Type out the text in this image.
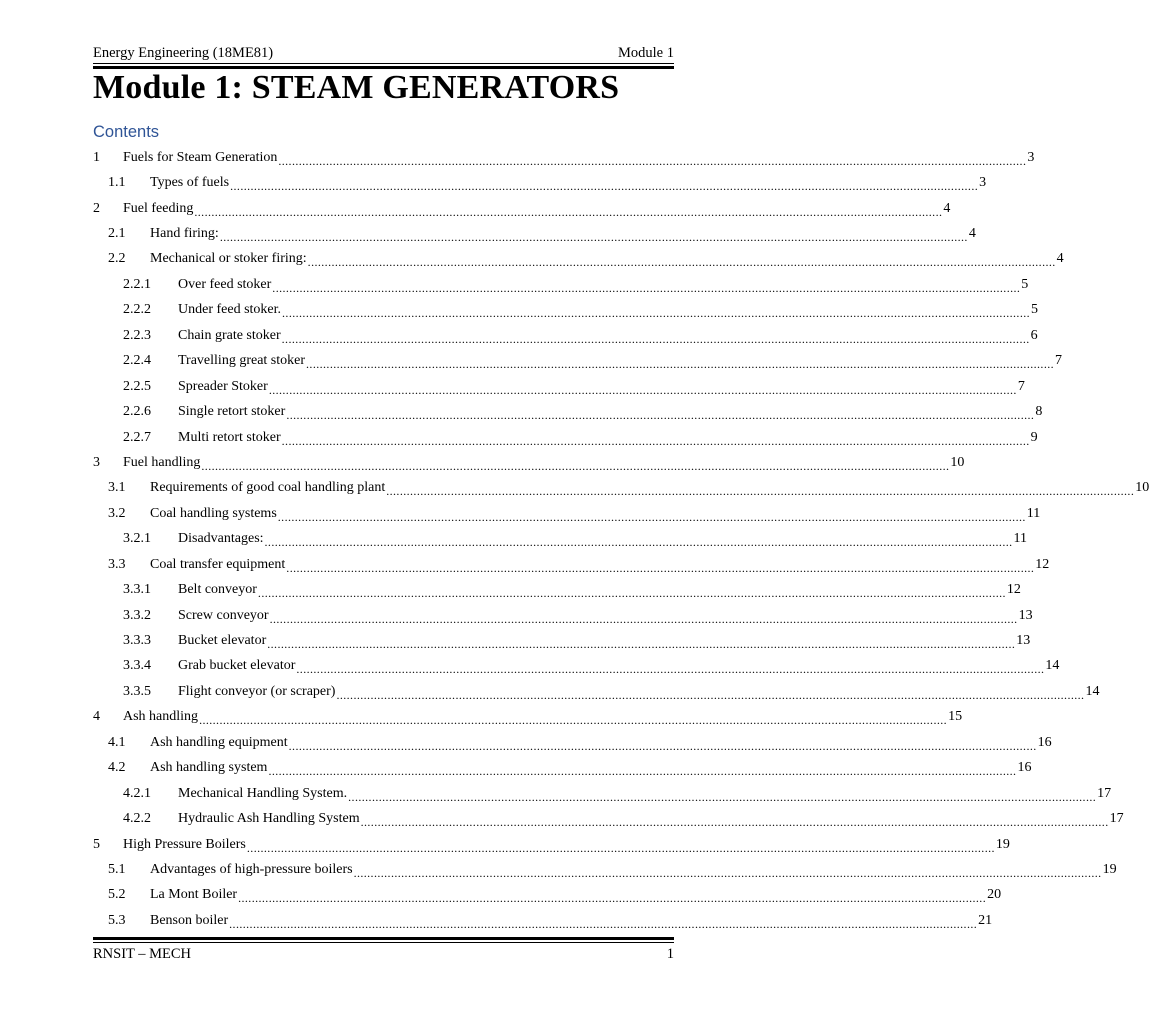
Energy Engineering (18ME81)	Module 1
Module 1: STEAM GENERATORS
Contents
1 Fuels for Steam Generation ............................................................................................................................................................................................................................ 3
1.1 Types of fuels ............................................................................................................................................................................................................................ 3
2 Fuel feeding ............................................................................................................................................................................................................................ 4
2.1 Hand firing: ............................................................................................................................................................................................................................ 4
2.2 Mechanical or stoker firing: ............................................................................................................................................................................................................................ 4
2.2.1 Over feed stoker ............................................................................................................................................................................................................................ 5
2.2.2 Under feed stoker. ............................................................................................................................................................................................................................ 5
2.2.3 Chain grate stoker ............................................................................................................................................................................................................................ 6
2.2.4 Travelling great stoker ............................................................................................................................................................................................................................ 7
2.2.5 Spreader Stoker ............................................................................................................................................................................................................................ 7
2.2.6 Single retort stoker ............................................................................................................................................................................................................................ 8
2.2.7 Multi retort stoker ............................................................................................................................................................................................................................ 9
3 Fuel handling ............................................................................................................................................................................................................................ 10
3.1 Requirements of good coal handling plant ............................................................................................................................................................................................................................ 10
3.2 Coal handling systems ............................................................................................................................................................................................................................ 11
3.2.1 Disadvantages: ............................................................................................................................................................................................................................ 11
3.3 Coal transfer equipment ............................................................................................................................................................................................................................ 12
3.3.1 Belt conveyor ............................................................................................................................................................................................................................ 12
3.3.2 Screw conveyor ............................................................................................................................................................................................................................ 13
3.3.3 Bucket elevator ............................................................................................................................................................................................................................ 13
3.3.4 Grab bucket elevator ............................................................................................................................................................................................................................ 14
3.3.5 Flight conveyor (or scraper) ............................................................................................................................................................................................................................ 14
4 Ash handling ............................................................................................................................................................................................................................ 15
4.1 Ash handling equipment ............................................................................................................................................................................................................................ 16
4.2 Ash handling system ............................................................................................................................................................................................................................ 16
4.2.1 Mechanical Handling System. ............................................................................................................................................................................................................................ 17
4.2.2 Hydraulic Ash Handling System ............................................................................................................................................................................................................................ 17
5 High Pressure Boilers ............................................................................................................................................................................................................................ 19
5.1 Advantages of high-pressure boilers ............................................................................................................................................................................................................................ 19
5.2 La Mont Boiler ............................................................................................................................................................................................................................ 20
5.3 Benson boiler ............................................................................................................................................................................................................................ 21
RNSIT – MECH	1
